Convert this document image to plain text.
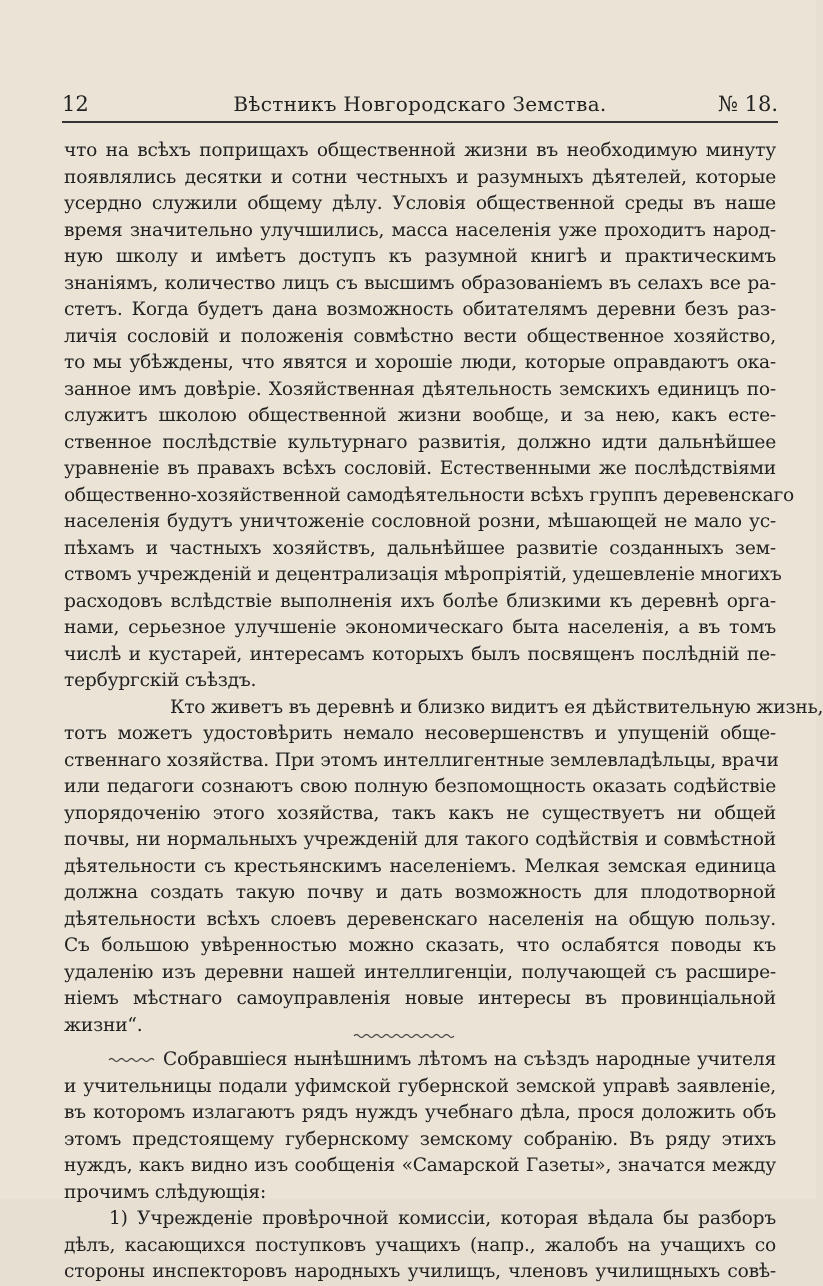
12	Вѣстникъ Новгородскаго Земства.	№ 18.
что на всѣхъ поприщахъ общественной жизни въ необходимую минуту
появлялись десятки и сотни честныхъ и разумныхъ дѣятелей, которые
усердно служили общему дѣлу. Условія общественной среды въ наше
время значительно улучшились, масса населенія уже проходитъ народ-
ную школу и имѣетъ доступъ къ разумной книгѣ и практическимъ
знаніямъ, количество лицъ съ высшимъ образованіемъ въ селахъ все ра-
стетъ. Когда будетъ дана возможность обитателямъ деревни безъ раз-
личія сословій и положенія совмѣстно вести общественное хозяйство,
то мы убѣждены, что явятся и хорошіе люди, которые оправдаютъ ока-
занное имъ довѣріе. Хозяйственная дѣятельность земскихъ единицъ по-
служитъ школою общественной жизни вообще, и за нею, какъ есте-
ственное послѣдствіе культурнаго развитія, должно идти дальнѣйшее
уравненіе въ правахъ всѣхъ сословій. Естественными же послѣдствіями
общественно-хозяйственной самодѣятельности всѣхъ группъ деревенскаго
населенія будутъ уничтоженіе сословной розни, мѣшающей не мало ус-
пѣхамъ и частныхъ хозяйствъ, дальнѣйшее развитіе созданныхъ зем-
ствомъ учрежденій и децентрализація мѣропріятій, удешевленіе многихъ
расходовъ вслѣдствіе выполненія ихъ болѣе близкими къ деревнѣ орга-
нами, серьезное улучшеніе экономическаго быта населенія, а въ томъ
числѣ и кустарей, интересамъ которыхъ былъ посвященъ послѣдній пе-
тербургскій съѣздъ.
Кто живетъ въ деревнѣ и близко видитъ ея дѣйствительную жизнь,
тотъ можетъ удостовѣрить немало несовершенствъ и упущеній обще-
ственнаго хозяйства. При этомъ интеллигентные землевладѣльцы, врачи
или педагоги сознаютъ свою полную безпомощность оказать содѣйствіе
упорядоченію этого хозяйства, такъ какъ не существуетъ ни общей
почвы, ни нормальныхъ учрежденій для такого содѣйствія и совмѣстной
дѣятельности съ крестьянскимъ населеніемъ. Мелкая земская единица
должна создать такую почву и дать возможность для плодотворной
дѣятельности всѣхъ слоевъ деревенскаго населенія на общую пользу.
Съ большою увѣренностью можно сказать, что ослабятся поводы къ
удаленію изъ деревни нашей интеллигенціи, получающей съ расшире-
ніемъ мѣстнаго самоуправленія новые интересы въ провинціальной
жизни“.
Собравшіеся нынѣшнимъ лѣтомъ на съѣздъ народные учителя
и учительницы подали уфимской губернской земской управѣ заявленіе,
въ которомъ излагаютъ рядъ нуждъ учебнаго дѣла, прося доложить объ
этомъ предстоящему губернскому земскому собранію. Въ ряду этихъ
нуждъ, какъ видно изъ сообщенія «Самарской Газеты», значатся между
прочимъ слѣдующія:
1) Учрежденіе провѣрочной комиссіи, которая вѣдала бы разборъ
дѣлъ, касающихся поступковъ учащихъ (напр., жалобъ на учащихъ со
стороны инспекторовъ народныхъ училищъ, членовъ училищныхъ совѣ-
